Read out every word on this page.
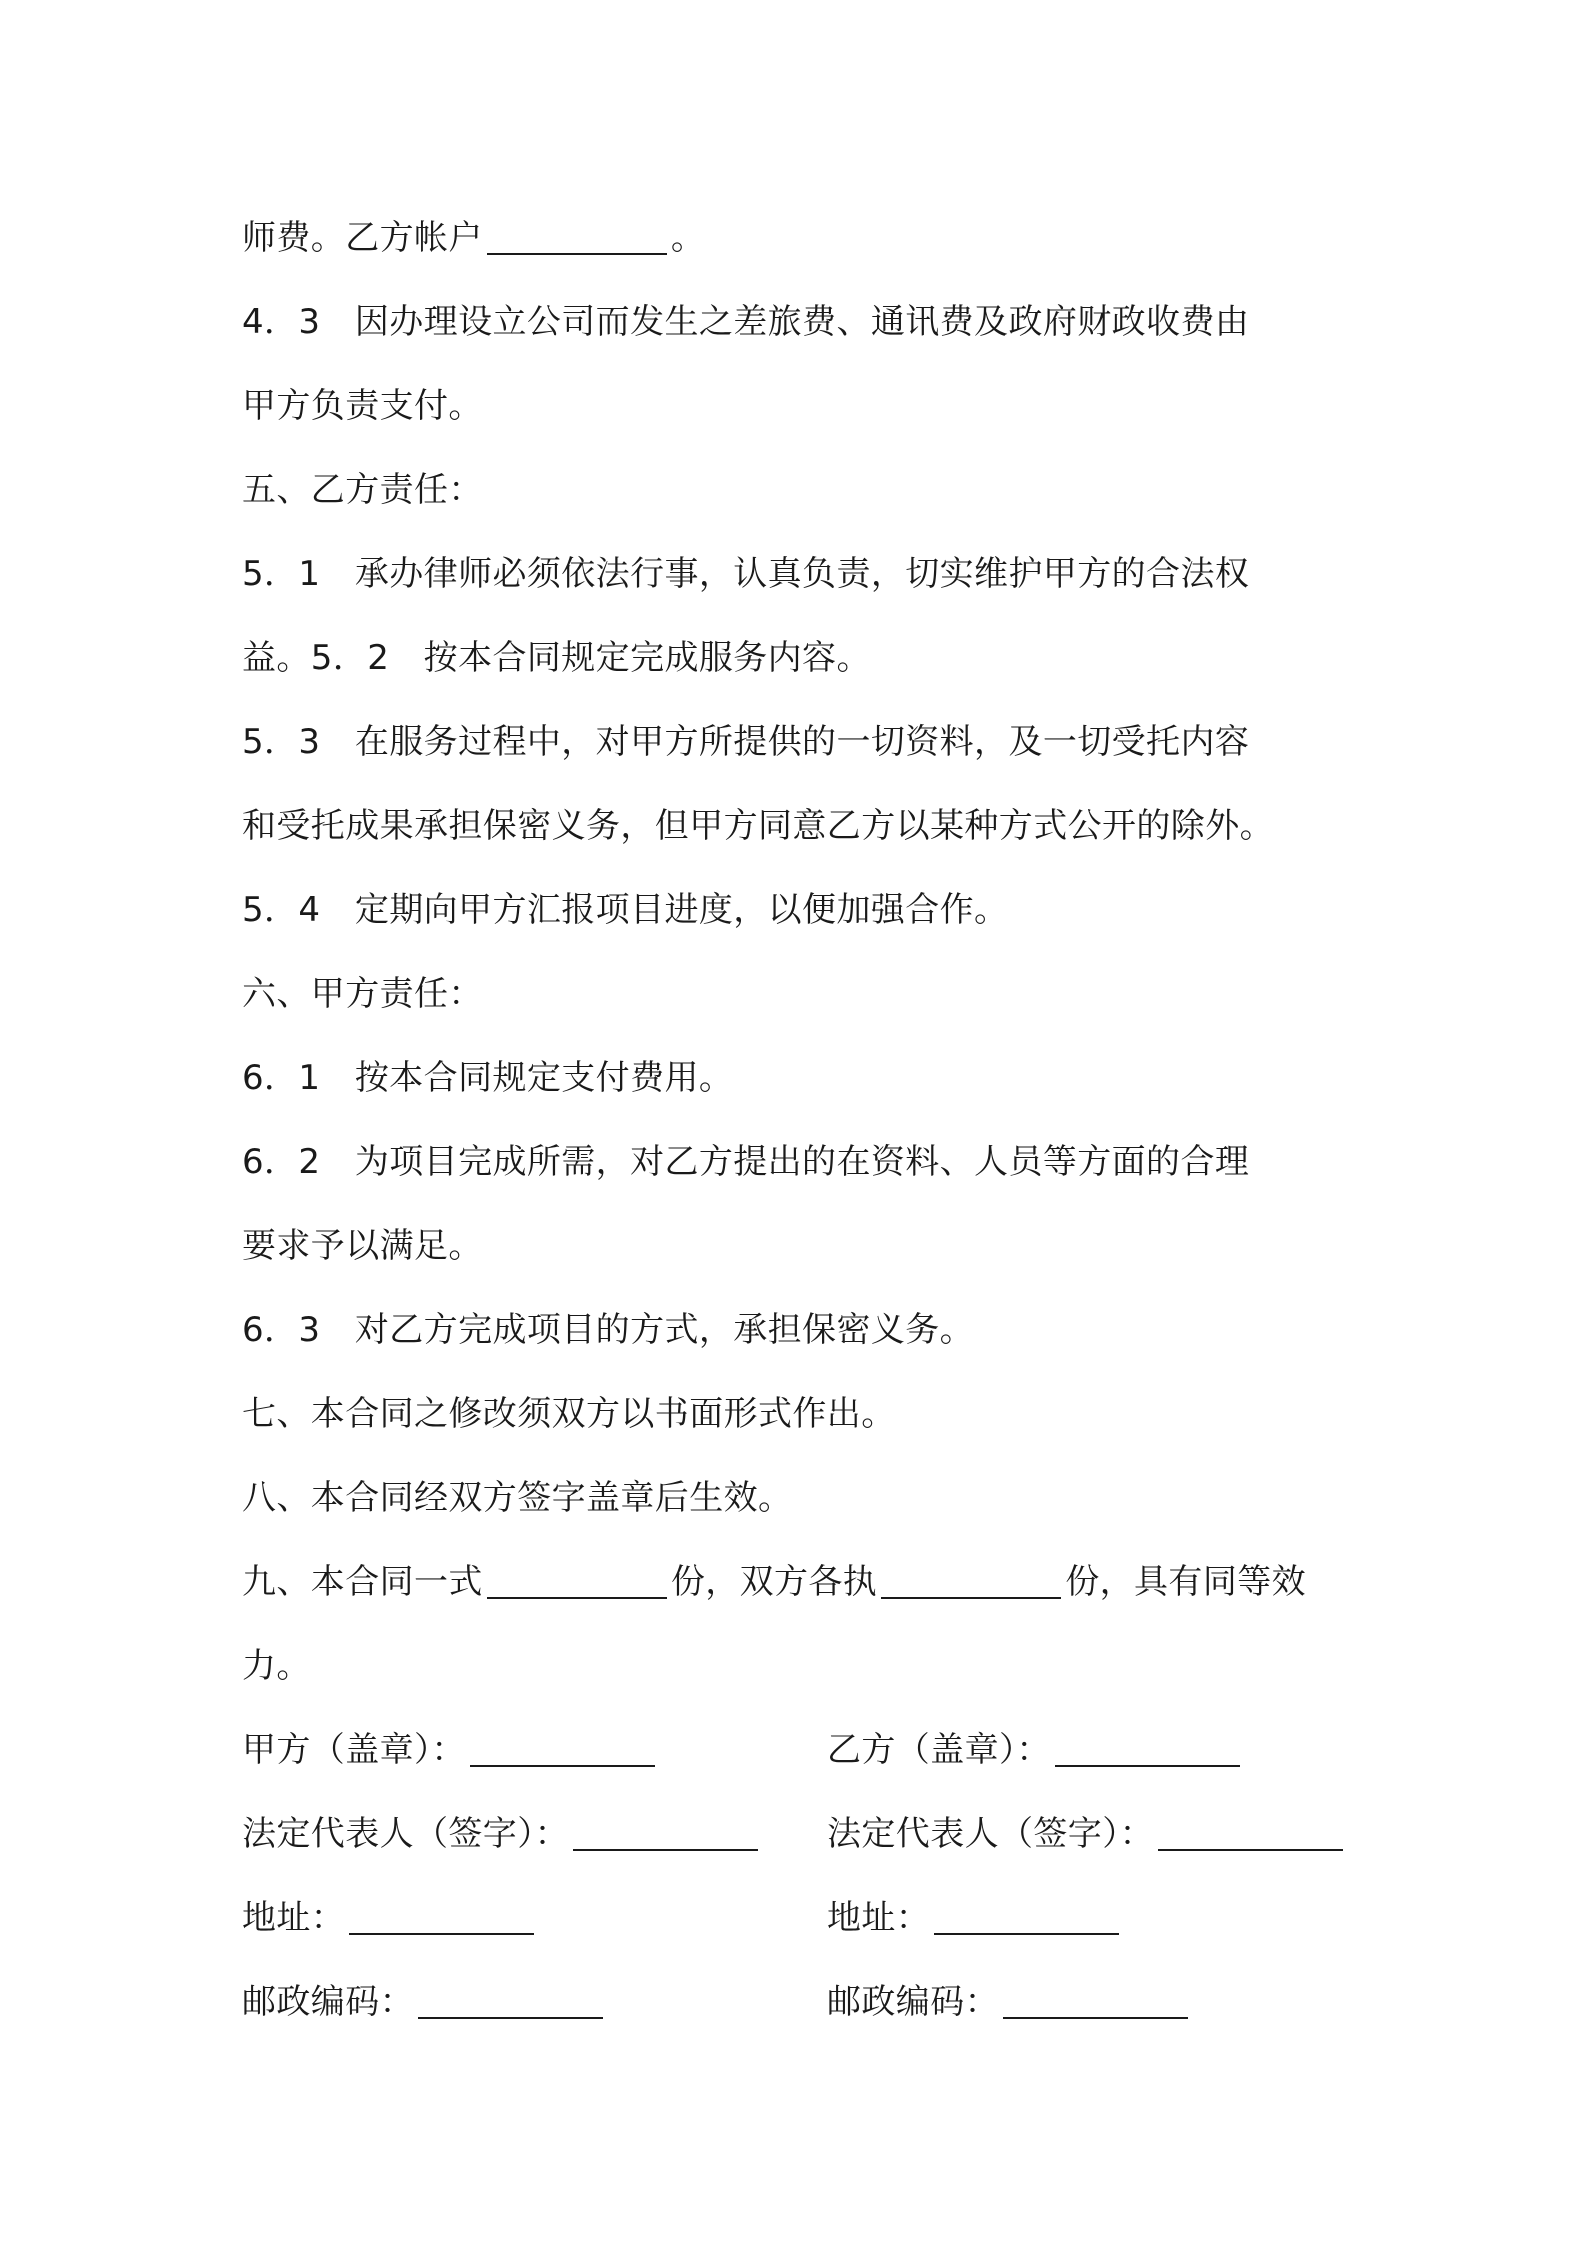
师费。乙方帐户	。
4．3　因办理设立公司而发生之差旅费、通讯费及政府财政收费由
甲方负责支付。
五、乙方责任：
5．1　承办律师必须依法行事，认真负责，切实维护甲方的合法权
益。5．2　按本合同规定完成服务内容。
5．3　在服务过程中，对甲方所提供的一切资料，及一切受托内容
和受托成果承担保密义务，但甲方同意乙方以某种方式公开的除外。
5．4　定期向甲方汇报项目进度，以便加强合作。
六、甲方责任：
6．1　按本合同规定支付费用。
6．2　为项目完成所需，对乙方提出的在资料、人员等方面的合理
要求予以满足。
6．3　对乙方完成项目的方式，承担保密义务。
七、本合同之修改须双方以书面形式作出。
八、本合同经双方签字盖章后生效。
九、本合同一式	份，双方各执	份，具有同等效
力。
甲方（盖章）：	乙方（盖章）：
法定代表人（签字）：	法定代表人（签字）：
地址：	地址：
邮政编码：	邮政编码：
